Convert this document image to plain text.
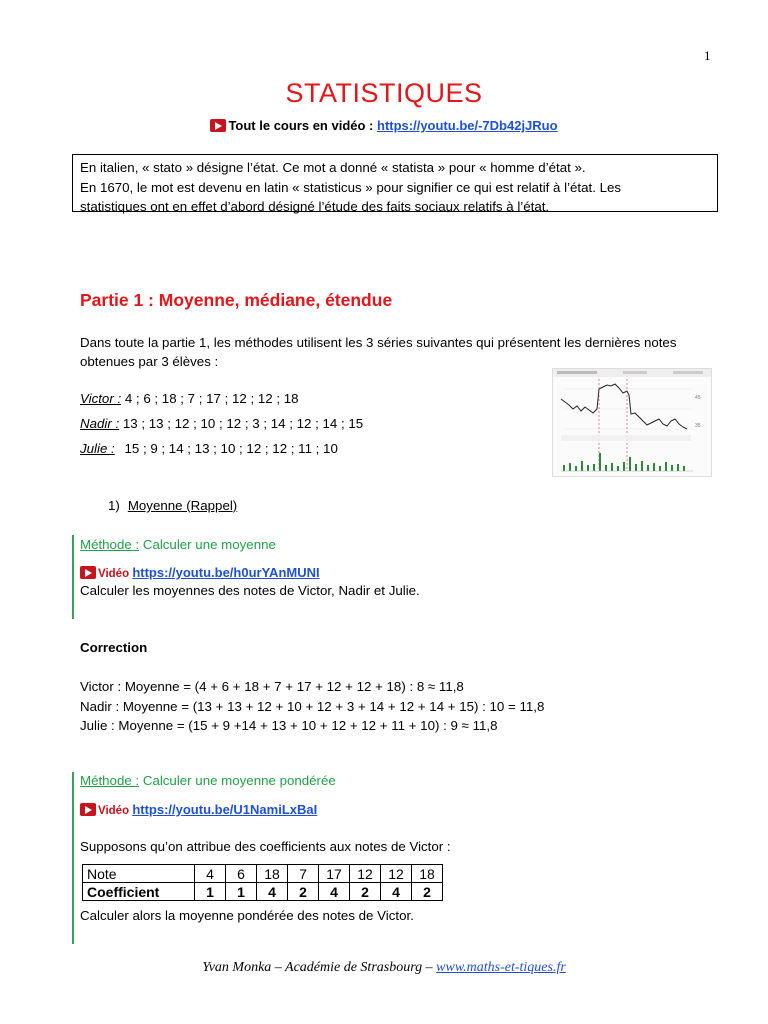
1
STATISTIQUES
Tout le cours en vidéo : https://youtu.be/-7Db42jJRuo
En italien, « stato » désigne l’état. Ce mot a donné « statista » pour « homme d’état ».
En 1670, le mot est devenu en latin « statisticus » pour signifier ce qui est relatif à l’état. Les
statistiques ont en effet d’abord désigné l’étude des faits sociaux relatifs à l’état.
Partie 1 : Moyenne, médiane, étendue
Dans toute la partie 1, les méthodes utilisent les 3 séries suivantes qui présentent les dernières notes obtenues par 3 élèves :
Victor : 4 ; 6 ; 18 ; 7 ; 17 ; 12 ; 12 ; 18
Nadir : 13 ; 13 ; 12 ; 10 ; 12 ; 3 ; 14 ; 12 ; 14 ; 15
Julie : 15 ; 9 ; 14 ; 13 ; 10 ; 12 ; 12 ; 11 ; 10
45
35
1) Moyenne (Rappel)
Méthode : Calculer une moyenne
Vidéo https://youtu.be/h0urYAnMUNI
Calculer les moyennes des notes de Victor, Nadir et Julie.
Correction
Victor : Moyenne = (4 + 6 + 18 + 7 + 17 + 12 + 12 + 18) : 8 ≈ 11,8
Nadir : Moyenne = (13 + 13 + 12 + 10 + 12 + 3 + 14 + 12 + 14 + 15) : 10 = 11,8
Julie : Moyenne = (15 + 9 +14 + 13 + 10 + 12 + 12 + 11 + 10) : 9 ≈ 11,8
Méthode : Calculer une moyenne pondérée
Vidéo https://youtu.be/U1NamiLxBaI
Supposons qu’on attribue des coefficients aux notes de Victor :
Note	4	6	18	7	17	12	12	18
Coefficient	1	1	4	2	4	2	4	2
Calculer alors la moyenne pondérée des notes de Victor.
Yvan Monka – Académie de Strasbourg – www.maths-et-tiques.fr
